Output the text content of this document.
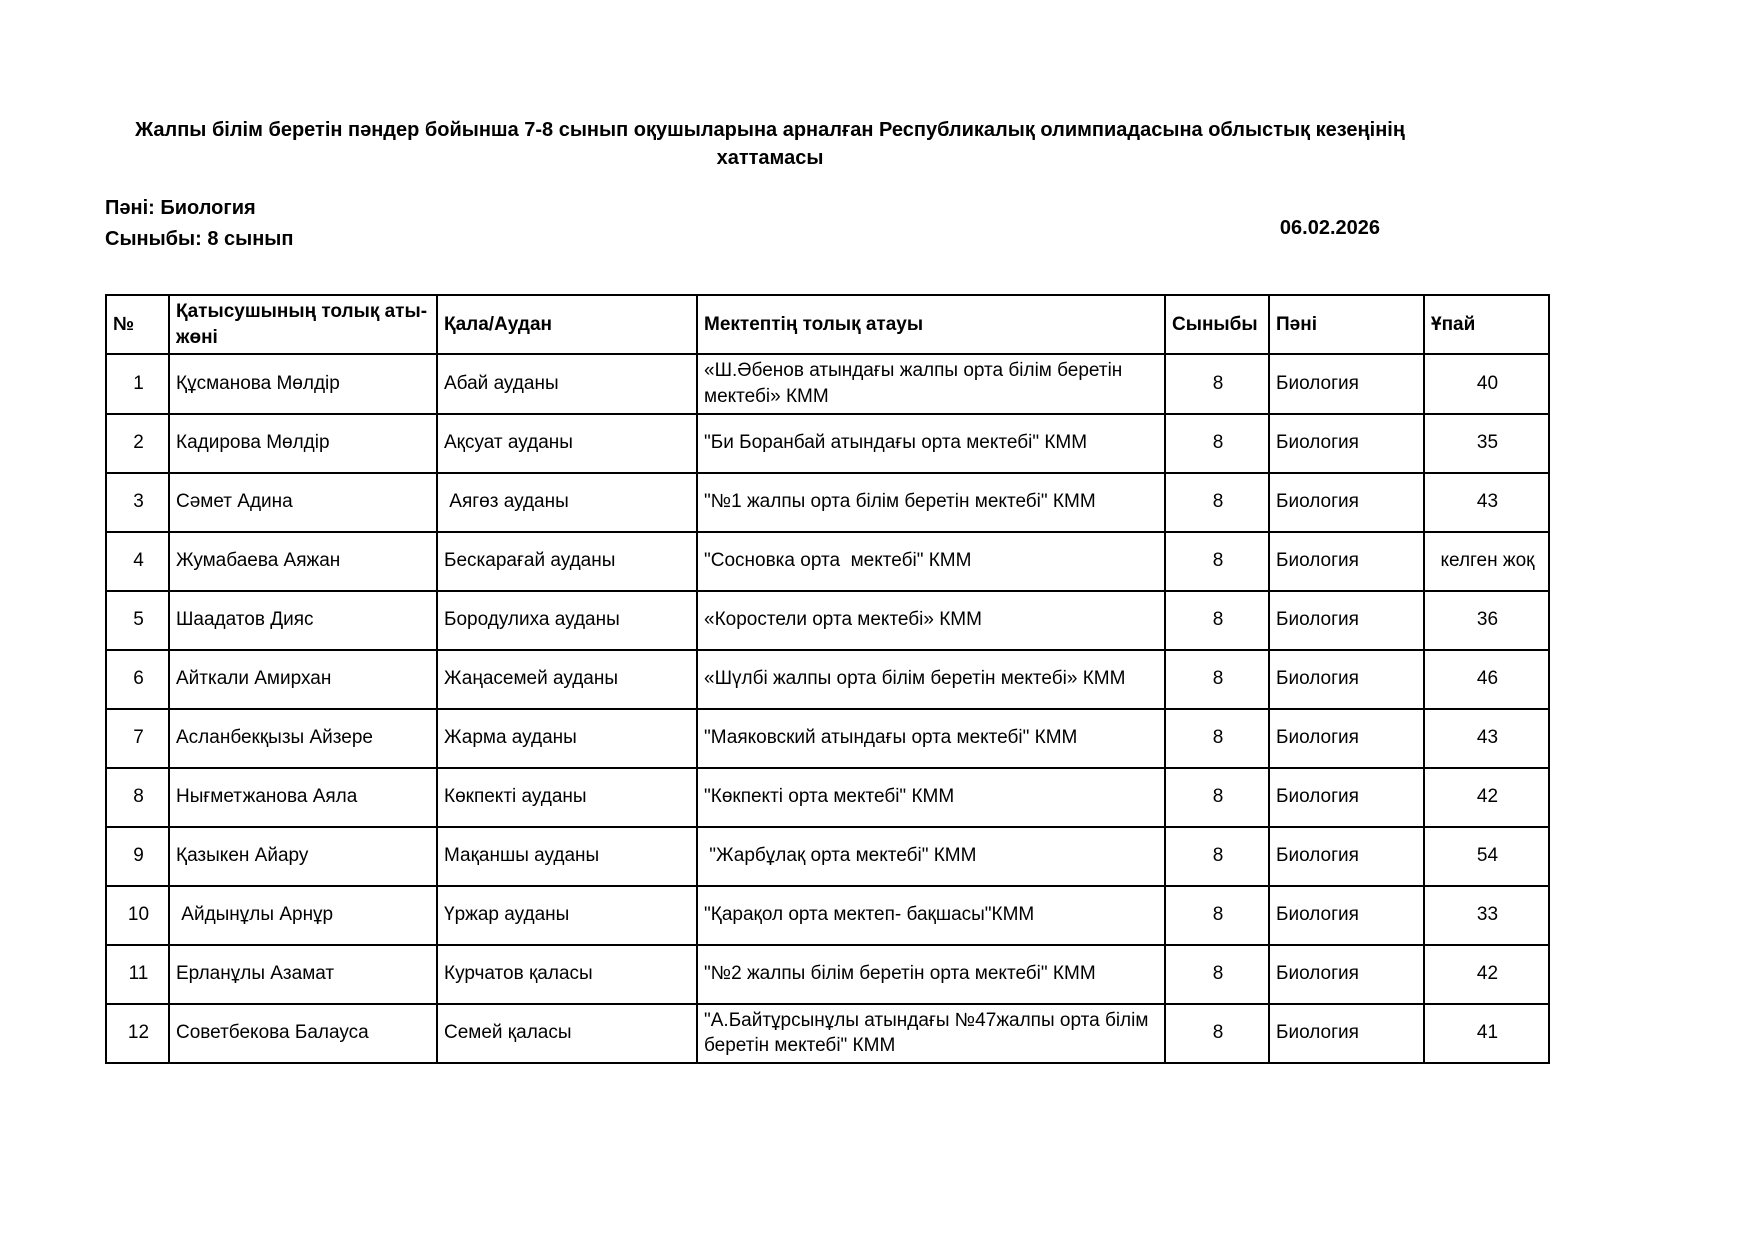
Жалпы білім беретін пәндер бойынша 7-8 сынып оқушыларына арналған Республикалық олимпиадасына облыстық кезеңінің хаттамасы
Пәні: Биология
Сыныбы: 8 сынып	06.02.2026
№	Қатысушының толық аты-жөні	Қала/Аудан	Мектептің толық атауы	Сыныбы	Пәні	Ұпай
1	Құсманова Мөлдір	Абай ауданы	«Ш.Әбенов атындағы жалпы орта білім беретін мектебі» КММ	8	Биология	40
2	Кадирова Мөлдір	Ақсуат ауданы	"Би Боранбай атындағы орта мектебі" КММ	8	Биология	35
3	Сәмет Адина	Аягөз ауданы	"№1 жалпы орта білім беретін мектебі" КММ	8	Биология	43
4	Жумабаева Аяжан	Бескарағай ауданы	"Сосновка орта  мектебі" КММ	8	Биология	келген жоқ
5	Шаадатов Дияс	Бородулиха ауданы	«Коростели орта мектебі» КММ	8	Биология	36
6	Айткали Амирхан	Жаңасемей ауданы	«Шүлбі жалпы орта білім беретін мектебі» КММ	8	Биология	46
7	Асланбекқызы Айзере	Жарма ауданы	"Маяковский атындағы орта мектебі" КММ	8	Биология	43
8	Нығметжанова Аяла	Көкпекті ауданы	"Көкпекті орта мектебі" КММ	8	Биология	42
9	Қазыкен Айару	Мақаншы ауданы	"Жарбұлақ орта мектебі" КММ	8	Биология	54
10	Айдынұлы Арнұр	Үржар ауданы	"Қарақол орта мектеп- бақшасы"КММ	8	Биология	33
11	Ерланұлы Азамат	Курчатов қаласы	"№2 жалпы білім беретін орта мектебі" КММ	8	Биология	42
12	Советбекова Балауса	Семей қаласы	"А.Байтұрсынұлы атындағы №47жалпы орта білім беретін мектебі" КММ	8	Биология	41
